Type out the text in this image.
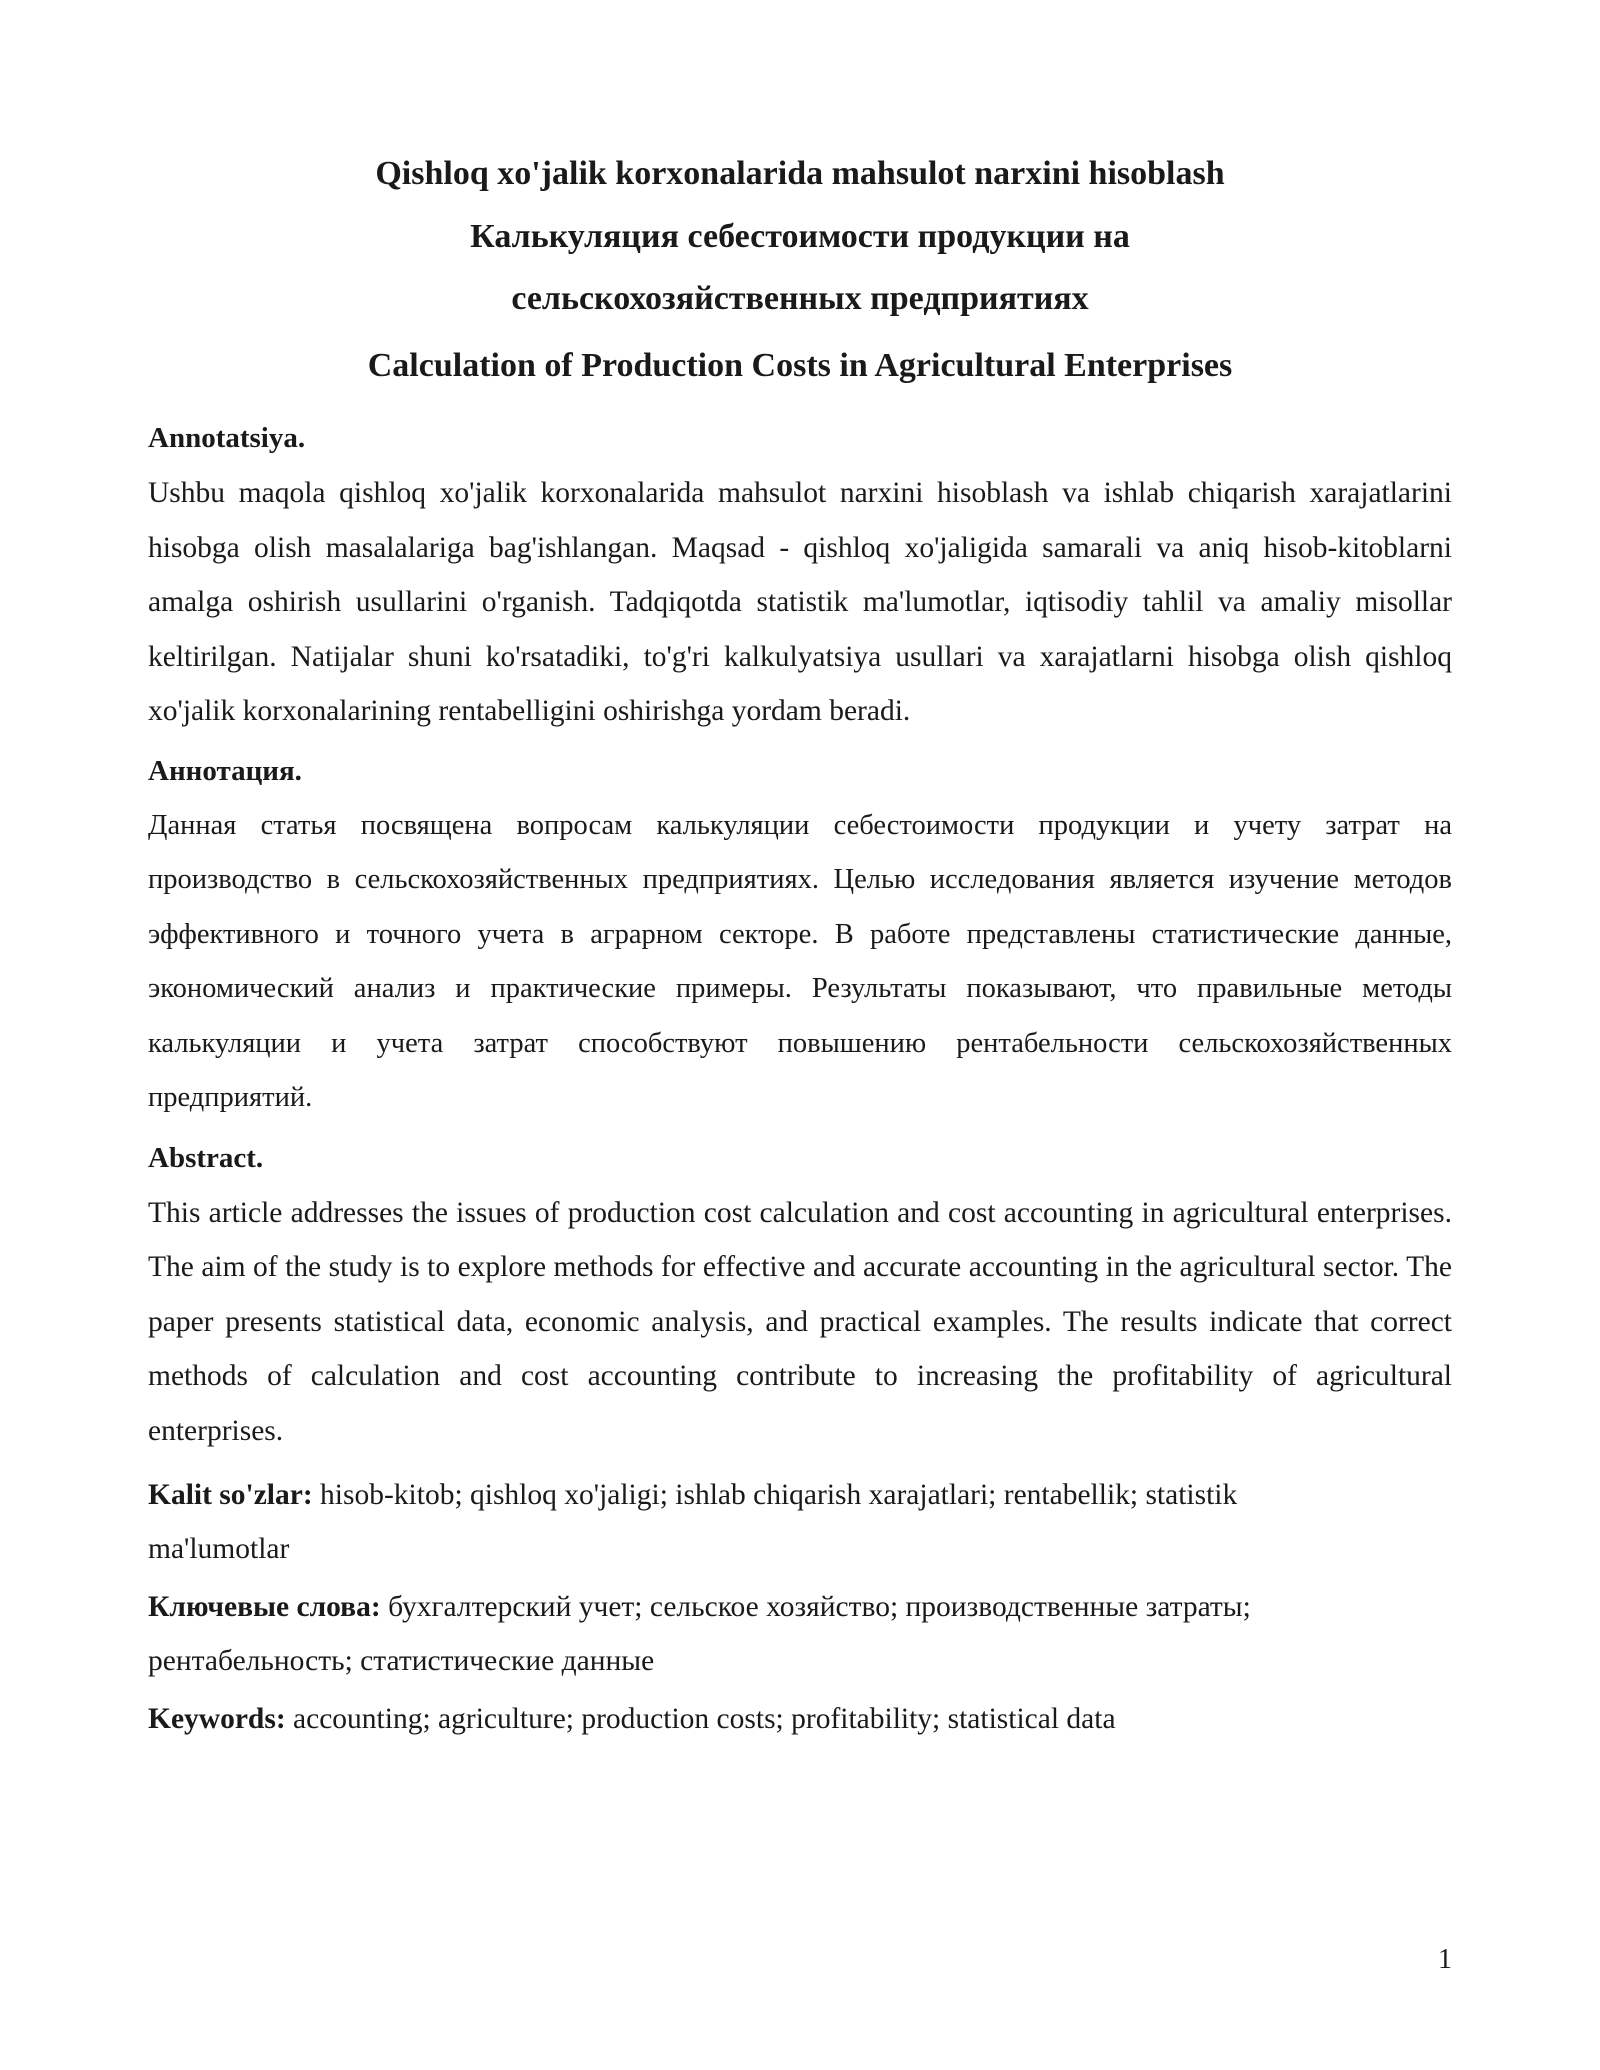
Qishloq xo'jalik korxonalarida mahsulot narxini hisoblash
Калькуляция себестоимости продукции на сельскохозяйственных предприятиях
Calculation of Production Costs in Agricultural Enterprises
Annotatsiya.
Ushbu maqola qishloq xo'jalik korxonalarida mahsulot narxini hisoblash va ishlab chiqarish xarajatlarini hisobga olish masalalariga bag'ishlangan. Maqsad - qishloq xo'jaligida samarali va aniq hisob-kitoblarni amalga oshirish usullarini o'rganish. Tadqiqotda statistik ma'lumotlar, iqtisodiy tahlil va amaliy misollar keltirilgan. Natijalar shuni ko'rsatadiki, to'g'ri kalkulyatsiya usullari va xarajatlarni hisobga olish qishloq xo'jalik korxonalarining rentabelligini oshirishga yordam beradi.
Аннотация.
Данная статья посвящена вопросам калькуляции себестоимости продукции и учету затрат на производство в сельскохозяйственных предприятиях. Целью исследования является изучение методов эффективного и точного учета в аграрном секторе. В работе представлены статистические данные, экономический анализ и практические примеры. Результаты показывают, что правильные методы калькуляции и учета затрат способствуют повышению рентабельности сельскохозяйственных предприятий.
Abstract.
This article addresses the issues of production cost calculation and cost accounting in agricultural enterprises. The aim of the study is to explore methods for effective and accurate accounting in the agricultural sector. The paper presents statistical data, economic analysis, and practical examples. The results indicate that correct methods of calculation and cost accounting contribute to increasing the profitability of agricultural enterprises.
Kalit so'zlar: hisob-kitob; qishloq xo'jaligi; ishlab chiqarish xarajatlari; rentabellik; statistik ma'lumotlar
Ключевые слова: бухгалтерский учет; сельское хозяйство; производственные затраты; рентабельность; статистические данные
Keywords: accounting; agriculture; production costs; profitability; statistical data
1
